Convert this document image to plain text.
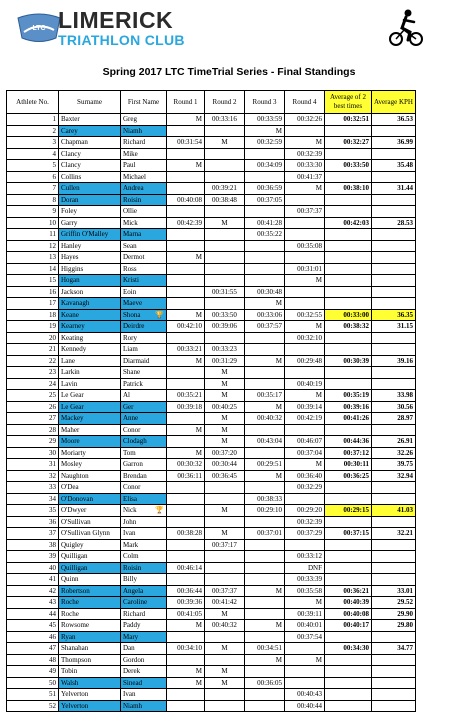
LTC LIMERICK
TRIATHLON CLUB
Spring 2017 LTC TimeTrial Series - Final Standings
Athlete No.	Surname	First Name	Round 1	Round 2	Round 3	Round 4	Average of 2 best times	Average KPH
1	Baxter	Greg	M	00:33:16	00:33:59	00:32:26	00:32:51	36.53
2	Carey	Niamh			M			
3	Chapman	Richard	00:31:54	M	00:32:59	M	00:32:27	36.99
4	Clancy	Mike				00:32:39		
5	Clancy	Paul	M		00:34:09	00:33:30	00:33:50	35.48
6	Collins	Michael				00:41:37		
7	Cullen	Andrea		00:39:21	00:36:59	M	00:38:10	31.44
8	Doran	Roisin	00:40:08	00:38:48	00:37:05			
9	Foley	Ollie				00:37:37		
10	Garry	Mick	00:42:39	M	00:41:28		00:42:03	28.53
11	Griffin O'Malley	Marna			00:35:22			
12	Hanley	Sean				00:35:08		
13	Hayes	Dermot	M					
14	Higgins	Ross				00:31:01		
15	Hogan	Kristi				M		
16	Jackson	Eoin		00:31:55	00:30:48			
17	Kavanagh	Maeve			M			
18	Keane	Shona 🏆	M	00:33:50	00:33:06	00:32:55	00:33:00	36.35
19	Kearney	Deirdre	00:42:10	00:39:06	00:37:57	M	00:38:32	31.15
20	Keating	Rory				00:32:10		
21	Kennedy	Liam	00:33:21	00:33:23				
22	Lane	Diarmaid	M	00:31:29	M	00:29:48	00:30:39	39.16
23	Larkin	Shane		M				
24	Lavin	Patrick		M		00:40:19		
25	Le Gear	Al	00:35:21	M	00:35:17	M	00:35:19	33.98
26	Le Gear	Ger	00:39:18	00:40:25	M	00:39:14	00:39:16	30.56
27	Mackey	Anne		M	00:40:32	00:42:19	00:41:26	28.97
28	Maher	Conor	M	M				
29	Moore	Clodagh		M	00:43:04	00:46:07	00:44:36	26.91
30	Moriarty	Tom	M	00:37:20		00:37:04	00:37:12	32.26
31	Mosley	Garron	00:30:32	00:30:44	00:29:51	M	00:30:11	39.75
32	Naughton	Brendan	00:36:11	00:36:45	M	00:36:40	00:36:25	32.94
33	O'Dea	Conor				00:32:29		
34	O'Donovan	Elisa			00:38:33			
35	O'Dwyer	Nick 🏆		M	00:29:10	00:29:20	00:29:15	41.03
36	O'Sullivan	John				00:32:39		
37	O'Sullivan Glynn	Ivan	00:38:28	M	00:37:01	00:37:29	00:37:15	32.21
38	Quigley	Mark		00:37:17				
39	Quilligan	Colm				00:33:12		
40	Quilligan	Roisin	00:46:14			DNF		
41	Quinn	Billy				00:33:39		
42	Robertson	Angela	00:36:44	00:37:37	M	00:35:58	00:36:21	33.01
43	Roche	Caroline	00:39:36	00:41:42		M	00:40:39	29.52
44	Roche	Richard	00:41:05	M		00:39:11	00:40:08	29.90
45	Rowsome	Paddy	M	00:40:32	M	00:40:01	00:40:17	29.80
46	Ryan	Mary				00:37:54		
47	Shanahan	Dan	00:34:10	M	00:34:51		00:34:30	34.77
48	Thompson	Gordon			M	M		
49	Tobin	Derek	M	M				
50	Walsh	Sinead	M	M	00:36:05			
51	Yelverton	Ivan				00:40:43		
52	Yelverton	Niamh				00:40:44		
